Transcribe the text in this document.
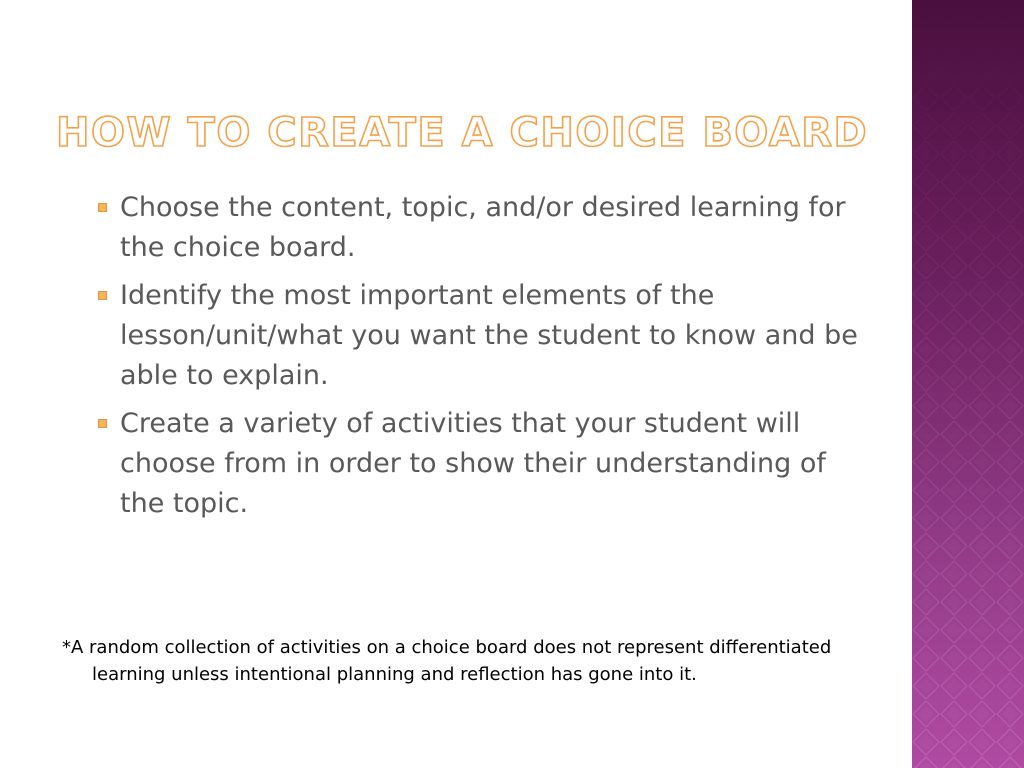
HOW TO CREATE A CHOICE BOARD
Choose the content, topic, and/or desired learning for the choice board.
Identify the most important elements of the lesson/unit/what you want the student to know and be able to explain.
Create a variety of activities that your student will choose from in order to show their understanding of the topic.

*A random collection of activities on a choice board does not represent differentiated learning unless intentional planning and reflection has gone into it.
